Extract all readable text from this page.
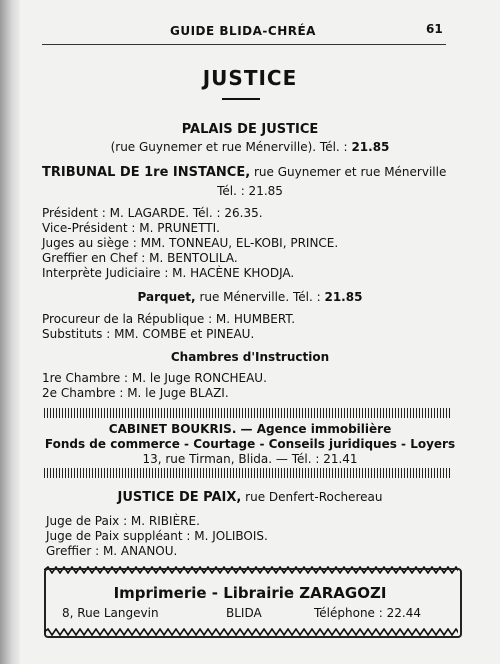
GUIDE BLIDA-CHRÉA	61
JUSTICE
PALAIS DE JUSTICE
(rue Guynemer et rue Ménerville). Tél. : 21.85
TRIBUNAL DE 1re INSTANCE, rue Guynemer et rue Ménerville
Tél. : 21.85
Président : M. LAGARDE. Tél. : 26.35.
Vice-Président : M. PRUNETTI.
Juges au siège : MM. TONNEAU, EL-KOBI, PRINCE.
Greffier en Chef : M. BENTOLILA.
Interprète Judiciaire : M. HACÈNE KHODJA.
Parquet, rue Ménerville. Tél. : 21.85
Procureur de la République : M. HUMBERT.
Substituts : MM. COMBE et PINEAU.
Chambres d'Instruction
1re Chambre : M. le Juge RONCHEAU.
2e Chambre : M. le Juge BLAZI.
CABINET BOUKRIS. — Agence immobilière
Fonds de commerce - Courtage - Conseils juridiques - Loyers
13, rue Tirman, Blida. — Tél. : 21.41
JUSTICE DE PAIX, rue Denfert-Rochereau
Juge de Paix : M. RIBIÈRE.
Juge de Paix suppléant : M. JOLIBOIS.
Greffier : M. ANANOU.
Imprimerie - Librairie ZARAGOZI
8, Rue Langevin	BLIDA	Téléphone : 22.44
